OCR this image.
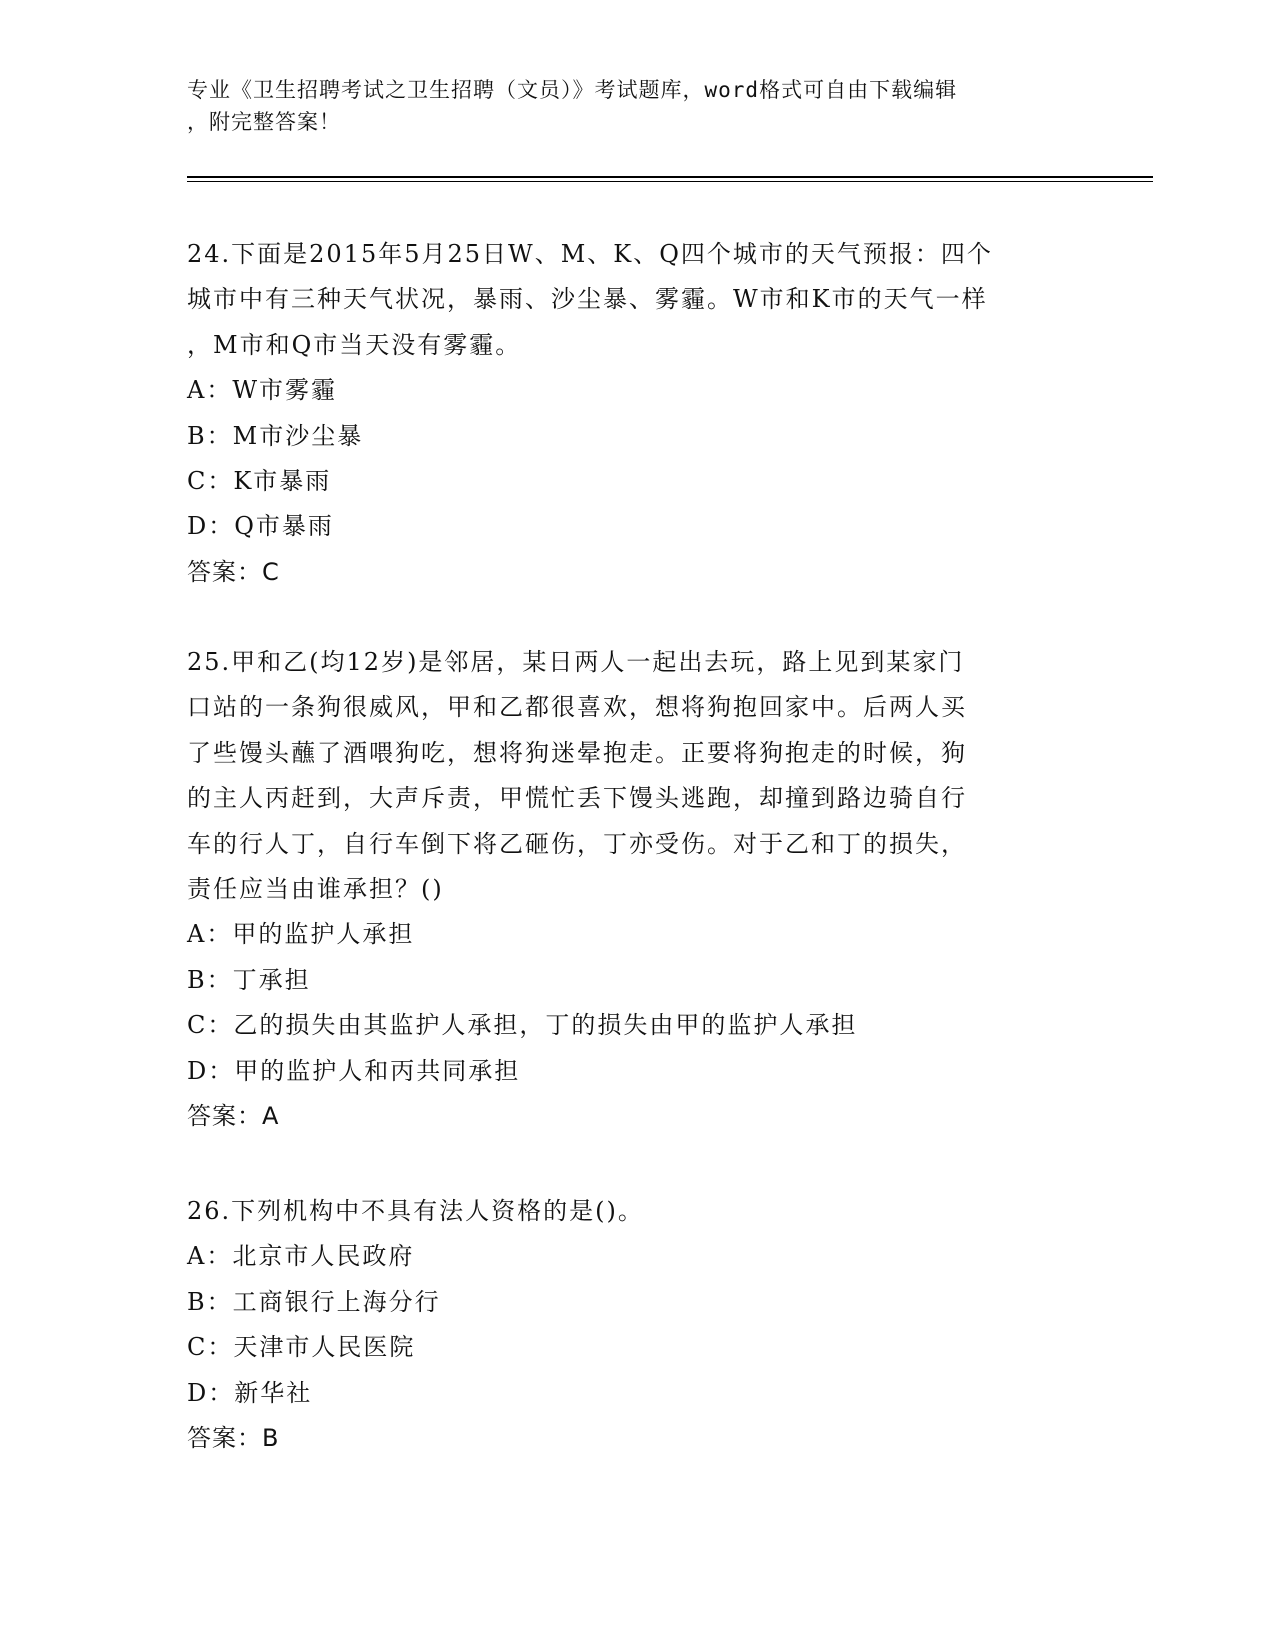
专业《卫生招聘考试之卫生招聘（文员）》考试题库，word格式可自由下载编辑
，附完整答案！
24.下面是2015年5月25日W、M、K、Q四个城市的天气预报：四个
城市中有三种天气状况，暴雨、沙尘暴、雾霾。W市和K市的天气一样
，M市和Q市当天没有雾霾。
A：W市雾霾
B：M市沙尘暴
C：K市暴雨
D：Q市暴雨
答案：C
25.甲和乙(均12岁)是邻居，某日两人一起出去玩，路上见到某家门
口站的一条狗很威风，甲和乙都很喜欢，想将狗抱回家中。后两人买
了些馒头蘸了酒喂狗吃，想将狗迷晕抱走。正要将狗抱走的时候，狗
的主人丙赶到，大声斥责，甲慌忙丢下馒头逃跑，却撞到路边骑自行
车的行人丁，自行车倒下将乙砸伤，丁亦受伤。对于乙和丁的损失，
责任应当由谁承担？()
A：甲的监护人承担
B：丁承担
C：乙的损失由其监护人承担，丁的损失由甲的监护人承担
D：甲的监护人和丙共同承担
答案：A
26.下列机构中不具有法人资格的是()。
A：北京市人民政府
B：工商银行上海分行
C：天津市人民医院
D：新华社
答案：B
